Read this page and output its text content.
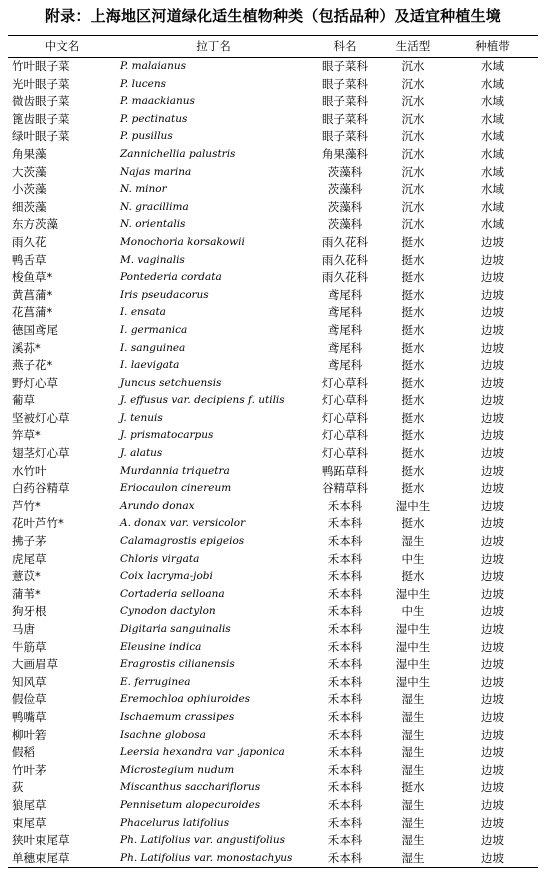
附录：上海地区河道绿化适生植物种类（包括品种）及适宜种植生境
中文名	拉丁名	科名	生活型	种植带
竹叶眼子菜	P. malaianus	眼子菜科	沉水	水域
光叶眼子菜	P. lucens	眼子菜科	沉水	水域
微齿眼子菜	P. maackianus	眼子菜科	沉水	水域
篦齿眼子菜	P. pectinatus	眼子菜科	沉水	水域
绿叶眼子菜	P. pusillus	眼子菜科	沉水	水域
角果藻	Zannichellia palustris	角果藻科	沉水	水域
大茨藻	Najas marina	茨藻科	沉水	水域
小茨藻	N. minor	茨藻科	沉水	水域
细茨藻	N. gracillima	茨藻科	沉水	水域
东方茨藻	N. orientalis	茨藻科	沉水	水域
雨久花	Monochoria korsakowii	雨久花科	挺水	边坡
鸭舌草	M. vaginalis	雨久花科	挺水	边坡
梭鱼草*	Pontederia cordata	雨久花科	挺水	边坡
黄菖蒲*	Iris pseudacorus	鸢尾科	挺水	边坡
花菖蒲*	I. ensata	鸢尾科	挺水	边坡
德国鸢尾	I. germanica	鸢尾科	挺水	边坡
溪荪*	I. sanguinea	鸢尾科	挺水	边坡
燕子花*	I. laevigata	鸢尾科	挺水	边坡
野灯心草	Juncus setchuensis	灯心草科	挺水	边坡
葡草	J. effusus var. decipiens f. utilis	灯心草科	挺水	边坡
坚被灯心草	J. tenuis	灯心草科	挺水	边坡
笄草*	J. prismatocarpus	灯心草科	挺水	边坡
翅茎灯心草	J. alatus	灯心草科	挺水	边坡
水竹叶	Murdannia triquetra	鸭跖草科	挺水	边坡
白药谷精草	Eriocaulon cinereum	谷精草科	挺水	边坡
芦竹*	Arundo donax	禾本科	湿中生	边坡
花叶芦竹*	A. donax var. versicolor	禾本科	挺水	边坡
拂子茅	Calamagrostis epigeios	禾本科	湿生	边坡
虎尾草	Chloris virgata	禾本科	中生	边坡
薏苡*	Coix lacryma-jobi	禾本科	挺水	边坡
蒲苇*	Cortaderia selloana	禾本科	湿中生	边坡
狗牙根	Cynodon dactylon	禾本科	中生	边坡
马唐	Digitaria sanguinalis	禾本科	湿中生	边坡
牛筋草	Eleusine indica	禾本科	湿中生	边坡
大画眉草	Eragrostis cilianensis	禾本科	湿中生	边坡
知风草	E. ferruginea	禾本科	湿中生	边坡
假俭草	Eremochloa ophiuroides	禾本科	湿生	边坡
鸭嘴草	Ischaemum crassipes	禾本科	湿生	边坡
柳叶箬	Isachne globosa	禾本科	湿生	边坡
假稻	Leersia hexandra var .japonica	禾本科	湿生	边坡
竹叶茅	Microstegium nudum	禾本科	湿生	边坡
荻	Miscanthus sacchariflorus	禾本科	挺水	边坡
狼尾草	Pennisetum alopecuroides	禾本科	湿生	边坡
束尾草	Phacelurus latifolius	禾本科	湿生	边坡
狭叶束尾草	Ph. Latifolius var. angustifolius	禾本科	湿生	边坡
单穗束尾草	Ph. Latifolius var. monostachyus	禾本科	湿生	边坡
